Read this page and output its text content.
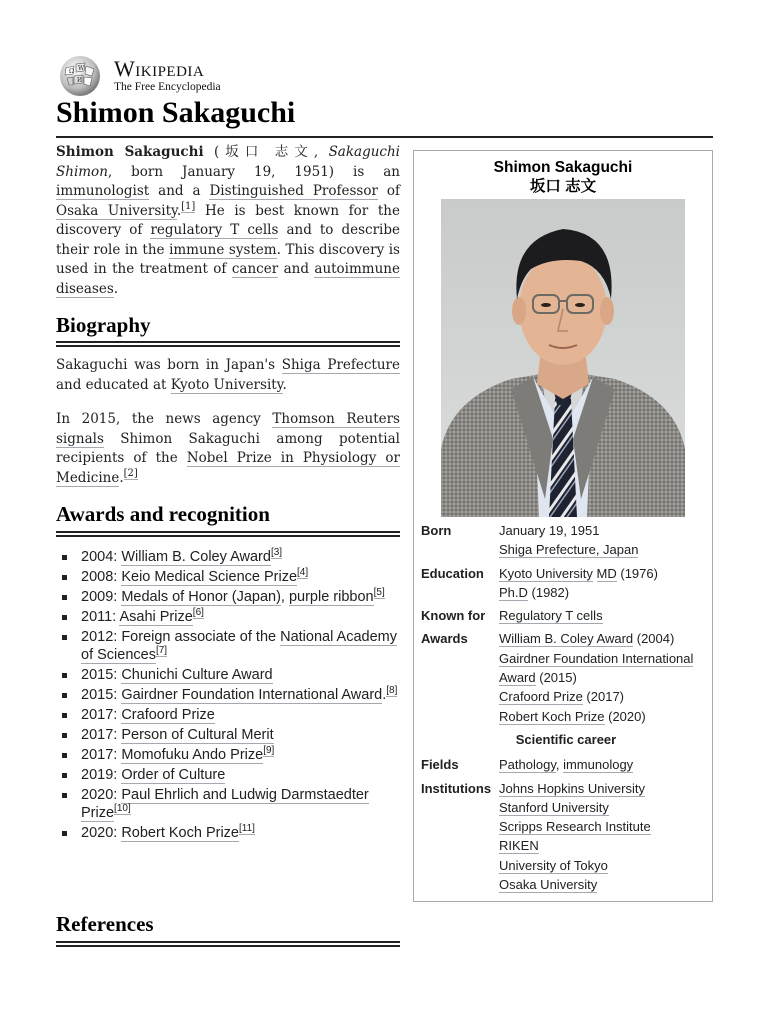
Ω W
И Wikipedia
The Free Encyclopedia
Shimon Sakaguchi

Shimon Sakaguchi (坂口 志文, Sakaguchi Shimon, born January 19, 1951) is an immunologist and a Distinguished Professor of Osaka University.[1] He is best known for the discovery of regulatory T cells and to describe their role in the immune system. This discovery is used in the treatment of cancer and autoimmune diseases.

Biography

Sakaguchi was born in Japan's Shiga Prefecture and educated at Kyoto University.

In 2015, the news agency Thomson Reuters signals Shimon Sakaguchi among potential recipients of the Nobel Prize in Physiology or Medicine.[2]

Awards and recognition
2004: William B. Coley Award[3]
2008: Keio Medical Science Prize[4]
2009: Medals of Honor (Japan), purple ribbon[5]
2011: Asahi Prize[6]
2012: Foreign associate of the National Academy of Sciences[7]
2015: Chunichi Culture Award
2015: Gairdner Foundation International Award.[8]
2017: Crafoord Prize
2017: Person of Cultural Merit
2017: Momofuku Ando Prize[9]
2019: Order of Culture
2020: Paul Ehrlich and Ludwig Darmstaedter Prize[10]
2020: Robert Koch Prize[11]
References
Shimon Sakaguchi
坂口 志文
Born	January 19, 1951
Shiga Prefecture, Japan
Education	Kyoto University MD (1976)
Ph.D (1982)
Known for	Regulatory T cells
Awards	William B. Coley Award (2004)
Gairdner Foundation International Award (2015)
Crafoord Prize (2017)
Robert Koch Prize (2020)
Scientific career
Fields	Pathology, immunology
Institutions Johns Hopkins University
Stanford University
Scripps Research Institute
RIKEN
University of Tokyo
Osaka University
